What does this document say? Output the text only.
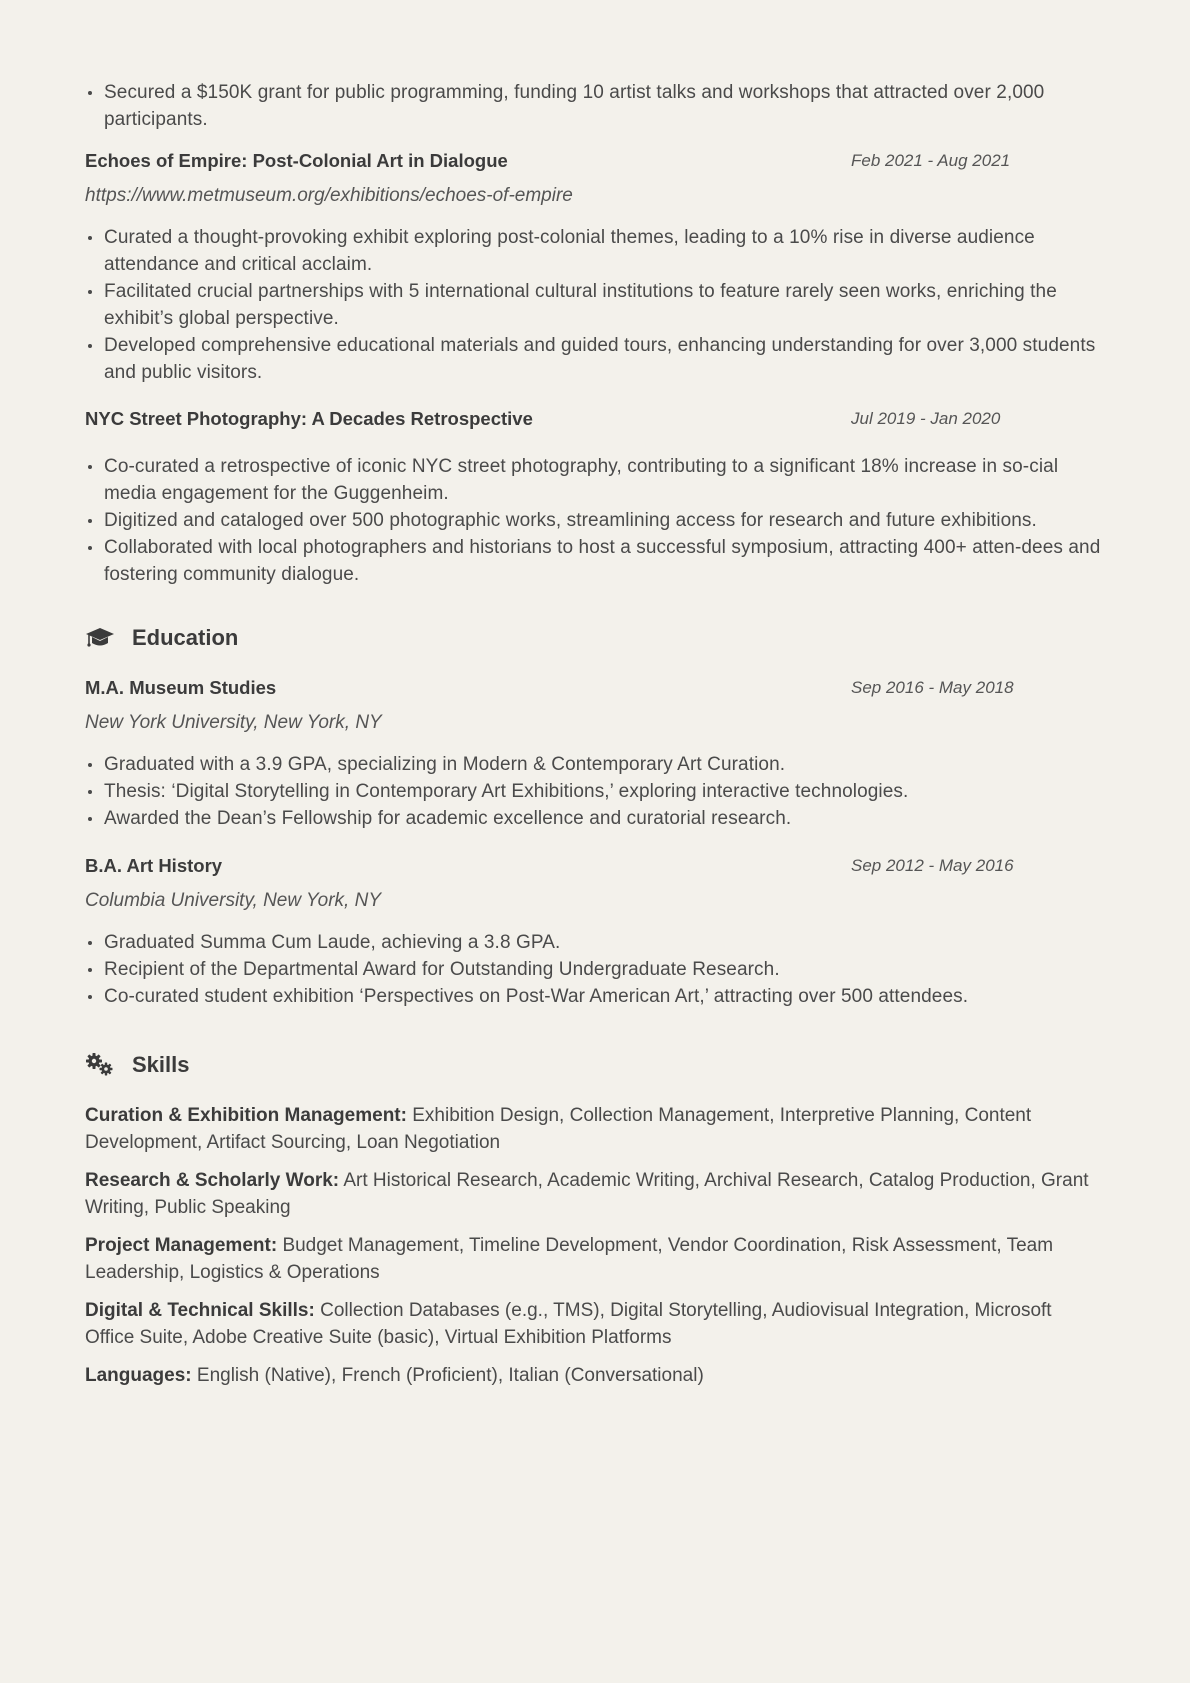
Secured a $150K grant for public programming, funding 10 artist talks and workshops that attracted over 2,000 participants.
Echoes of Empire: Post-Colonial Art in Dialogue	Feb 2021 - Aug 2021
https://www.metmuseum.org/exhibitions/echoes-of-empire
Curated a thought-provoking exhibit exploring post-colonial themes, leading to a 10% rise in diverse audience attendance and critical acclaim.
Facilitated crucial partnerships with 5 international cultural institutions to feature rarely seen works, enriching the exhibit’s global perspective.
Developed comprehensive educational materials and guided tours, enhancing understanding for over 3,000 students and public visitors.
NYC Street Photography: A Decades Retrospective	Jul 2019 - Jan 2020
Co-curated a retrospective of iconic NYC street photography, contributing to a significant 18% increase in so-cial media engagement for the Guggenheim.
Digitized and cataloged over 500 photographic works, streamlining access for research and future exhibitions.
Collaborated with local photographers and historians to host a successful symposium, attracting 400+ atten-dees and fostering community dialogue.
Education
M.A. Museum Studies	Sep 2016 - May 2018
New York University, New York, NY
Graduated with a 3.9 GPA, specializing in Modern & Contemporary Art Curation.
Thesis: ‘Digital Storytelling in Contemporary Art Exhibitions,’ exploring interactive technologies.
Awarded the Dean’s Fellowship for academic excellence and curatorial research.
B.A. Art History	Sep 2012 - May 2016
Columbia University, New York, NY
Graduated Summa Cum Laude, achieving a 3.8 GPA.
Recipient of the Departmental Award for Outstanding Undergraduate Research.
Co-curated student exhibition ‘Perspectives on Post-War American Art,’ attracting over 500 attendees.
Skills
Curation & Exhibition Management: Exhibition Design, Collection Management, Interpretive Planning, Content Development, Artifact Sourcing, Loan Negotiation
Research & Scholarly Work: Art Historical Research, Academic Writing, Archival Research, Catalog Production, Grant Writing, Public Speaking
Project Management: Budget Management, Timeline Development, Vendor Coordination, Risk Assessment, Team Leadership, Logistics & Operations
Digital & Technical Skills: Collection Databases (e.g., TMS), Digital Storytelling, Audiovisual Integration, Microsoft Office Suite, Adobe Creative Suite (basic), Virtual Exhibition Platforms
Languages: English (Native), French (Proficient), Italian (Conversational)
